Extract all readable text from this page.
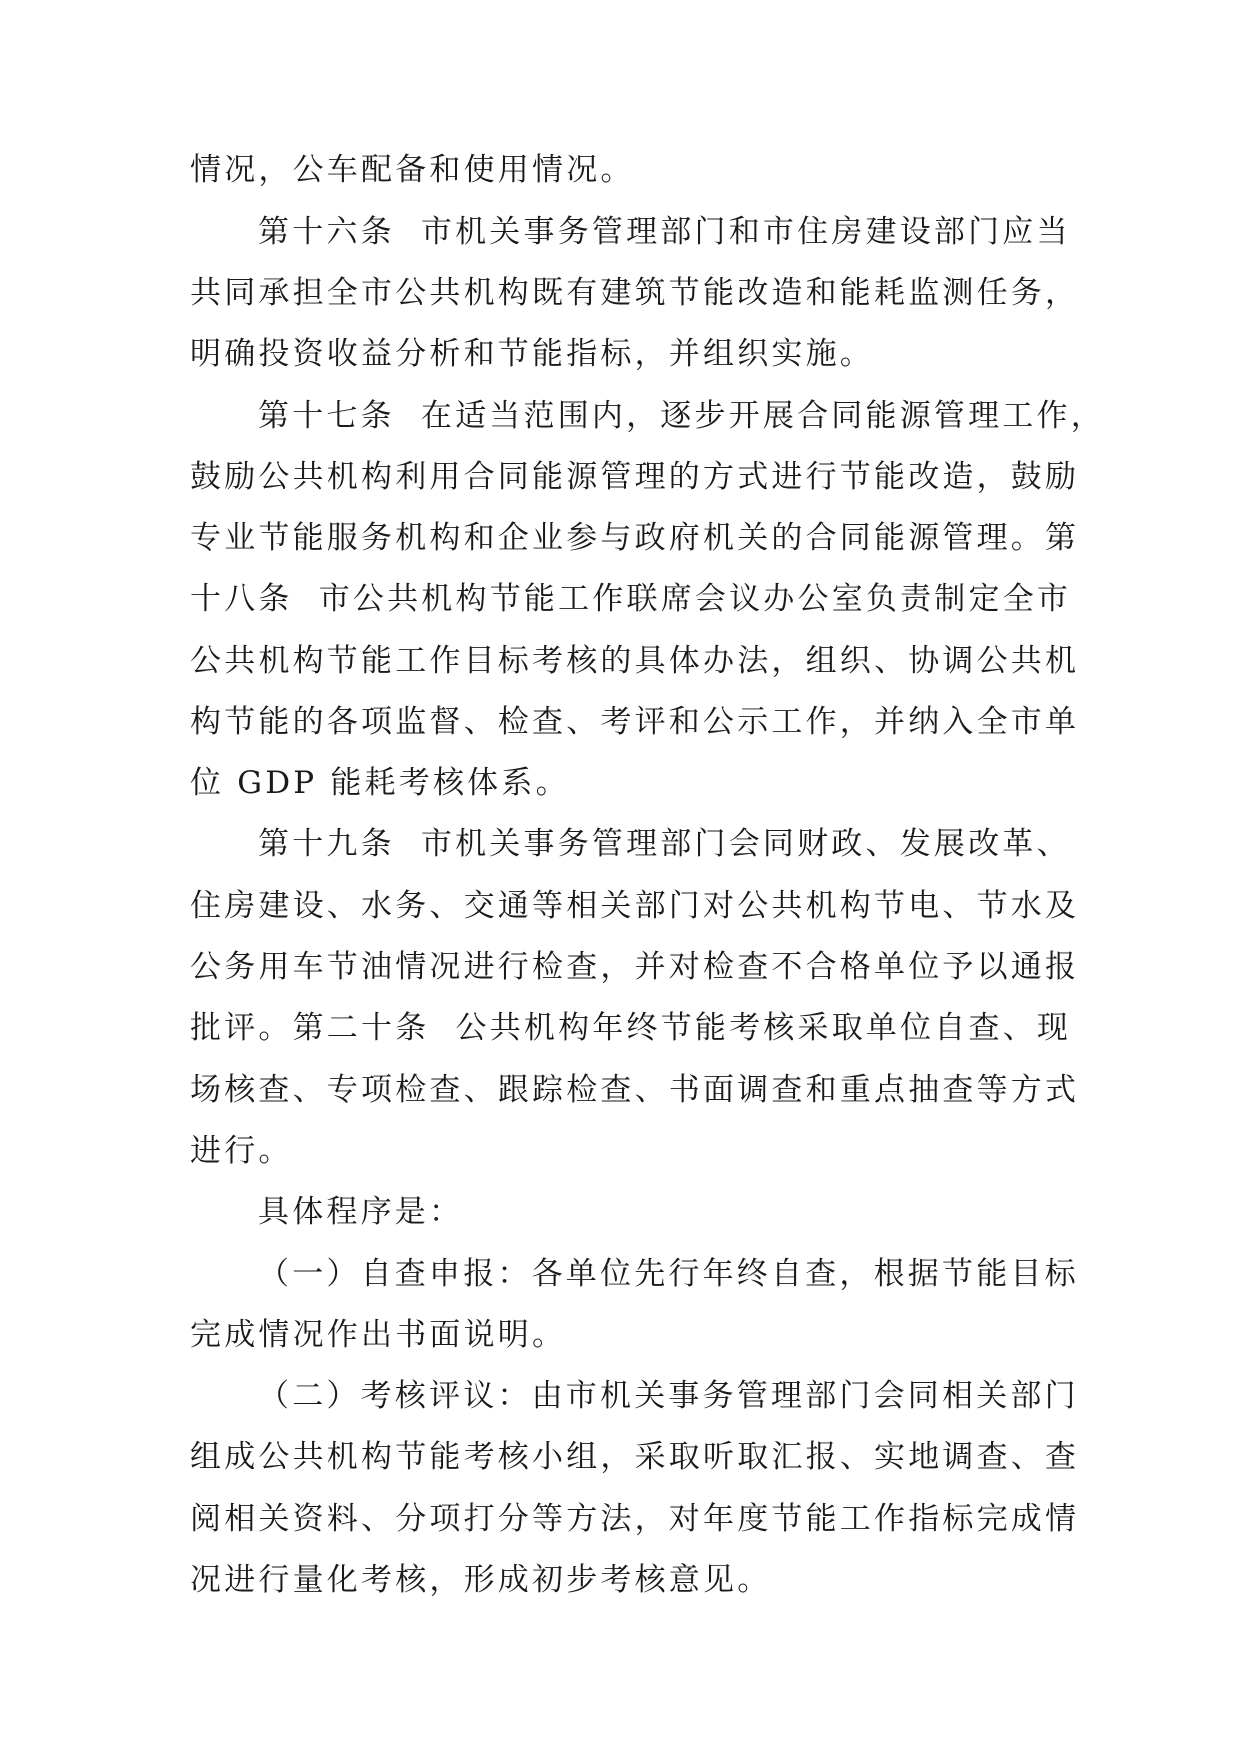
情况，公车配备和使用情况。
第十六条  市机关事务管理部门和市住房建设部门应当
共同承担全市公共机构既有建筑节能改造和能耗监测任务，
明确投资收益分析和节能指标，并组织实施。
第十七条  在适当范围内，逐步开展合同能源管理工作，
鼓励公共机构利用合同能源管理的方式进行节能改造，鼓励
专业节能服务机构和企业参与政府机关的合同能源管理。第
十八条  市公共机构节能工作联席会议办公室负责制定全市
公共机构节能工作目标考核的具体办法，组织、协调公共机
构节能的各项监督、检查、考评和公示工作，并纳入全市单
位 GDP 能耗考核体系。
第十九条  市机关事务管理部门会同财政、发展改革、
住房建设、水务、交通等相关部门对公共机构节电、节水及
公务用车节油情况进行检查，并对检查不合格单位予以通报
批评。第二十条  公共机构年终节能考核采取单位自查、现
场核查、专项检查、跟踪检查、书面调查和重点抽查等方式
进行。
具体程序是：
（一）自查申报：各单位先行年终自查，根据节能目标
完成情况作出书面说明。
（二）考核评议：由市机关事务管理部门会同相关部门
组成公共机构节能考核小组，采取听取汇报、实地调查、查
阅相关资料、分项打分等方法，对年度节能工作指标完成情
况进行量化考核，形成初步考核意见。
